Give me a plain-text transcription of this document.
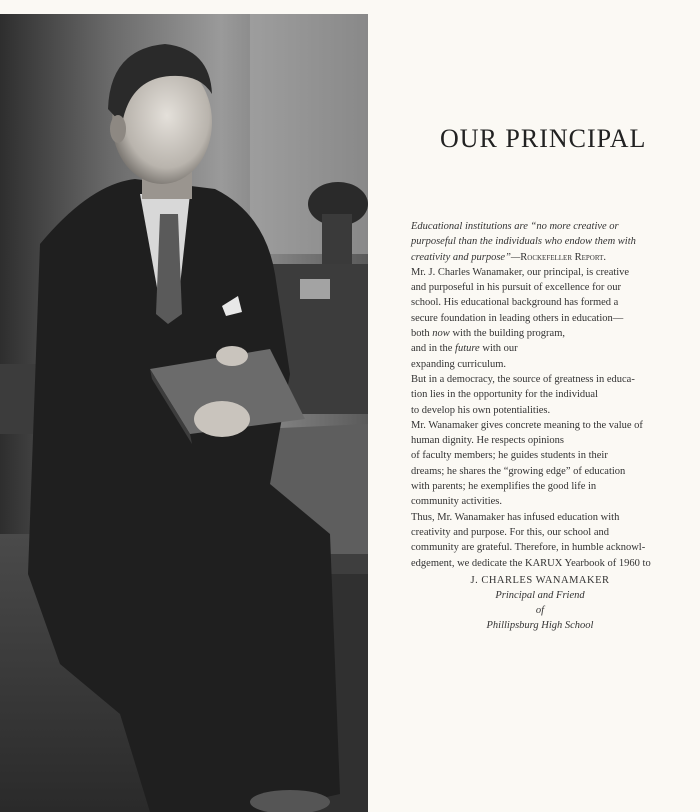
OUR PRINCIPAL
Educational institutions are “no more creative or
purposeful than the individuals who endow them with
creativity and purpose”—Rockefeller Report.
Mr. J. Charles Wanamaker, our principal, is creative
and purposeful in his pursuit of excellence for our
school. His educational background has formed a
secure foundation in leading others in education—
both now with the building program,
and in the future with our
expanding curriculum.
But in a democracy, the source of greatness in educa-
tion lies in the opportunity for the individual
to develop his own potentialities.
Mr. Wanamaker gives concrete meaning to the value of
human dignity. He respects opinions
of faculty members; he guides students in their
dreams; he shares the “growing edge” of education
with parents; he exemplifies the good life in
community activities.
Thus, Mr. Wanamaker has infused education with
creativity and purpose. For this, our school and
community are grateful. Therefore, in humble acknowl-
edgement, we dedicate the KARUX Yearbook of 1960 to
J. CHARLES WANAMAKER
Principal and Friend
of
Phillipsburg High School
